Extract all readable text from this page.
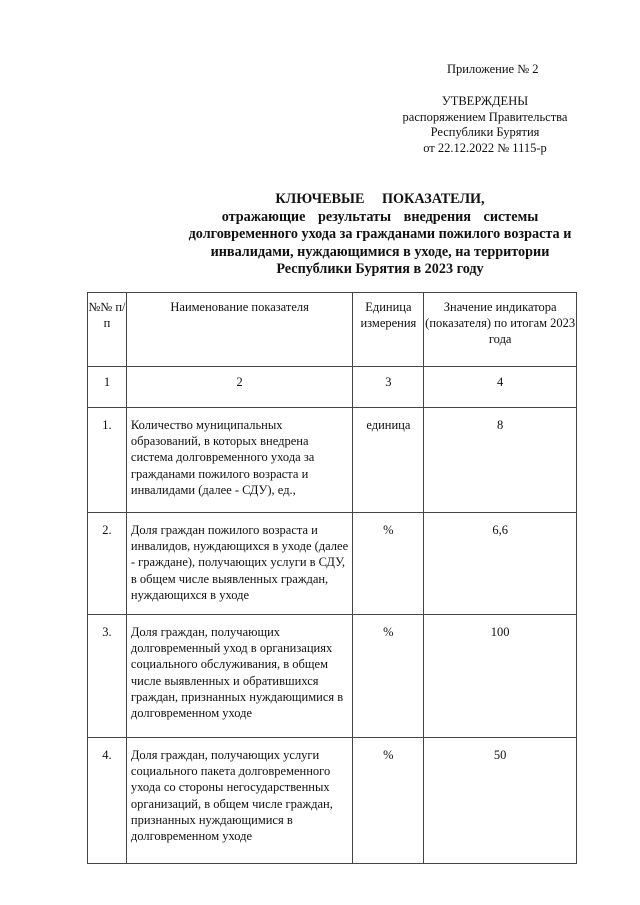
Приложение № 2
УТВЕРЖДЕНЫ
распоряжением Правительства
Республики Бурятия
от 22.12.2022 № 1115-р
КЛЮЧЕВЫЕ ПОКАЗАТЕЛИ,
отражающие результаты внедрения системы
долговременного ухода за гражданами пожилого возраста и
инвалидами, нуждающимися в уходе, на территории
Республики Бурятия в 2023 году
№№ п/п	Наименование показателя	Единица измерения	Значение индикатора (показателя) по итогам 2023 года
1	2	3	4
1.	Количество муниципальных образований, в которых внедрена система долговременного ухода за гражданами пожилого возраста и инвалидами (далее - СДУ), ед.,	единица	8
2.	Доля граждан пожилого возраста и инвалидов, нуждающихся в уходе (далее - граждане), получающих услуги в СДУ, в общем числе выявленных граждан, нуждающихся в уходе	%	6,6
3.	Доля граждан, получающих долговременный уход в организациях социального обслуживания, в общем числе выявленных и обратившихся граждан, признанных нуждающимися в долговременном уходе	%	100
4.	Доля граждан, получающих услуги социального пакета долговременного ухода со стороны негосударственных организаций, в общем числе граждан, признанных нуждающимися в долговременном уходе	%	50
